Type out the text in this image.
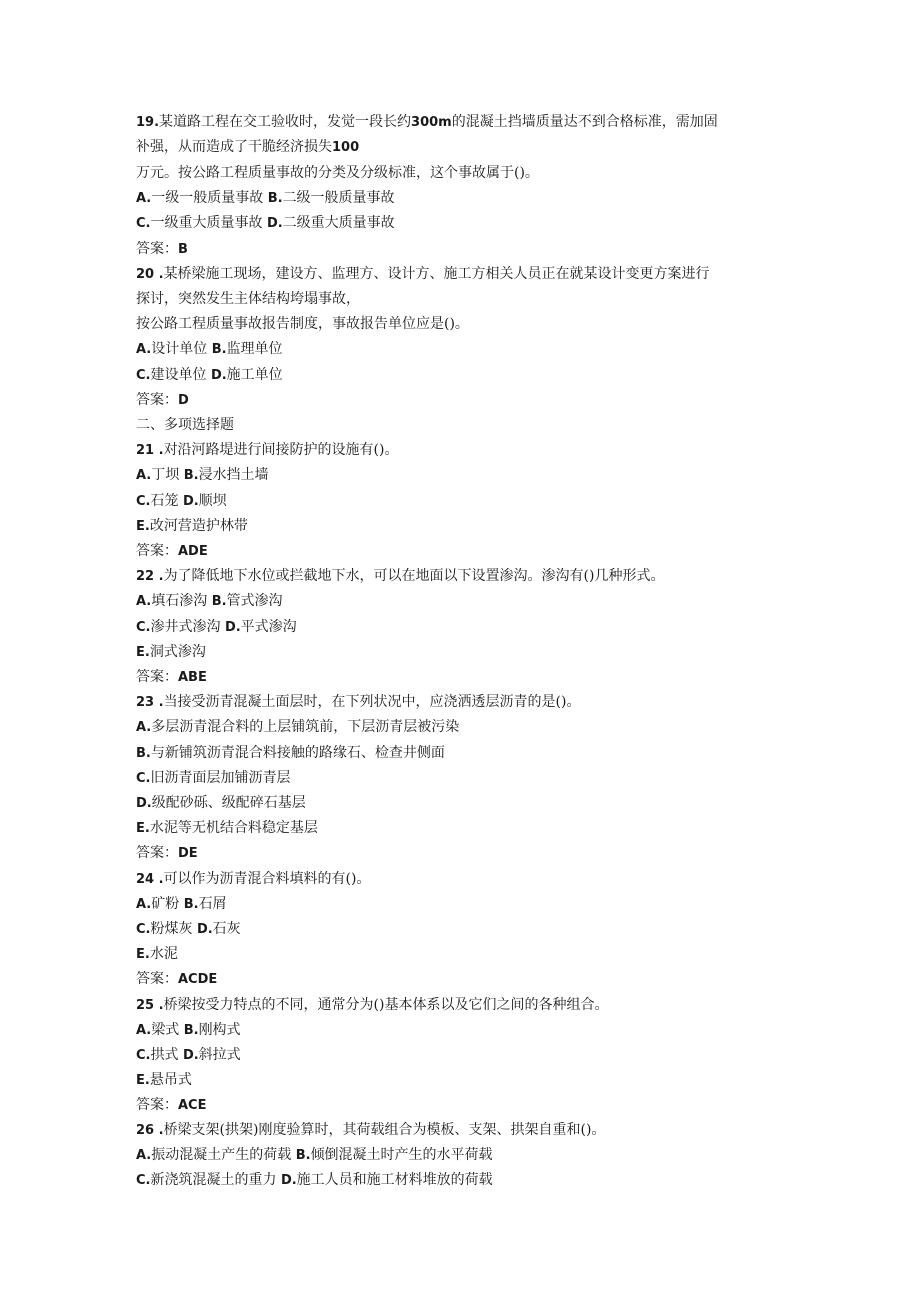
19.某道路工程在交工验收时，发觉一段长约300m的混凝土挡墙质量达不到合格标准，需加固
补强，从而造成了干脆经济损失100
万元。按公路工程质量事故的分类及分级标准，这个事故属于()。
A.一级一般质量事故 B.二级一般质量事故
C.一级重大质量事故 D.二级重大质量事故
答案：B
20 .某桥梁施工现场，建设方、监理方、设计方、施工方相关人员正在就某设计变更方案进行
探讨，突然发生主体结构垮塌事故，
按公路工程质量事故报告制度，事故报告单位应是()。
A.设计单位 B.监理单位
C.建设单位 D.施工单位
答案：D
二、多项选择题
21 .对沿河路堤进行间接防护的设施有()。
A.丁坝 B.浸水挡土墙
C.石笼 D.顺坝
E.改河营造护林带
答案：ADE
22 .为了降低地下水位或拦截地下水，可以在地面以下设置渗沟。渗沟有()几种形式。
A.填石渗沟 B.管式渗沟
C.渗井式渗沟 D.平式渗沟
E.洞式渗沟
答案：ABE
23 .当接受沥青混凝土面层时，在下列状况中，应浇洒透层沥青的是()。
A.多层沥青混合料的上层铺筑前，下层沥青层被污染
B.与新铺筑沥青混合料接触的路缘石、检查井侧面
C.旧沥青面层加铺沥青层
D.级配砂砾、级配碎石基层
E.水泥等无机结合料稳定基层
答案：DE
24 .可以作为沥青混合料填料的有()。
A.矿粉 B.石屑
C.粉煤灰 D.石灰
E.水泥
答案：ACDE
25 .桥梁按受力特点的不同，通常分为()基本体系以及它们之间的各种组合。
A.梁式 B.刚构式
C.拱式 D.斜拉式
E.悬吊式
答案：ACE
26 .桥梁支架(拱架)刚度验算时，其荷载组合为模板、支架、拱架自重和()。
A.振动混凝土产生的荷载 B.倾倒混凝土时产生的水平荷载
C.新浇筑混凝土的重力 D.施工人员和施工材料堆放的荷载
